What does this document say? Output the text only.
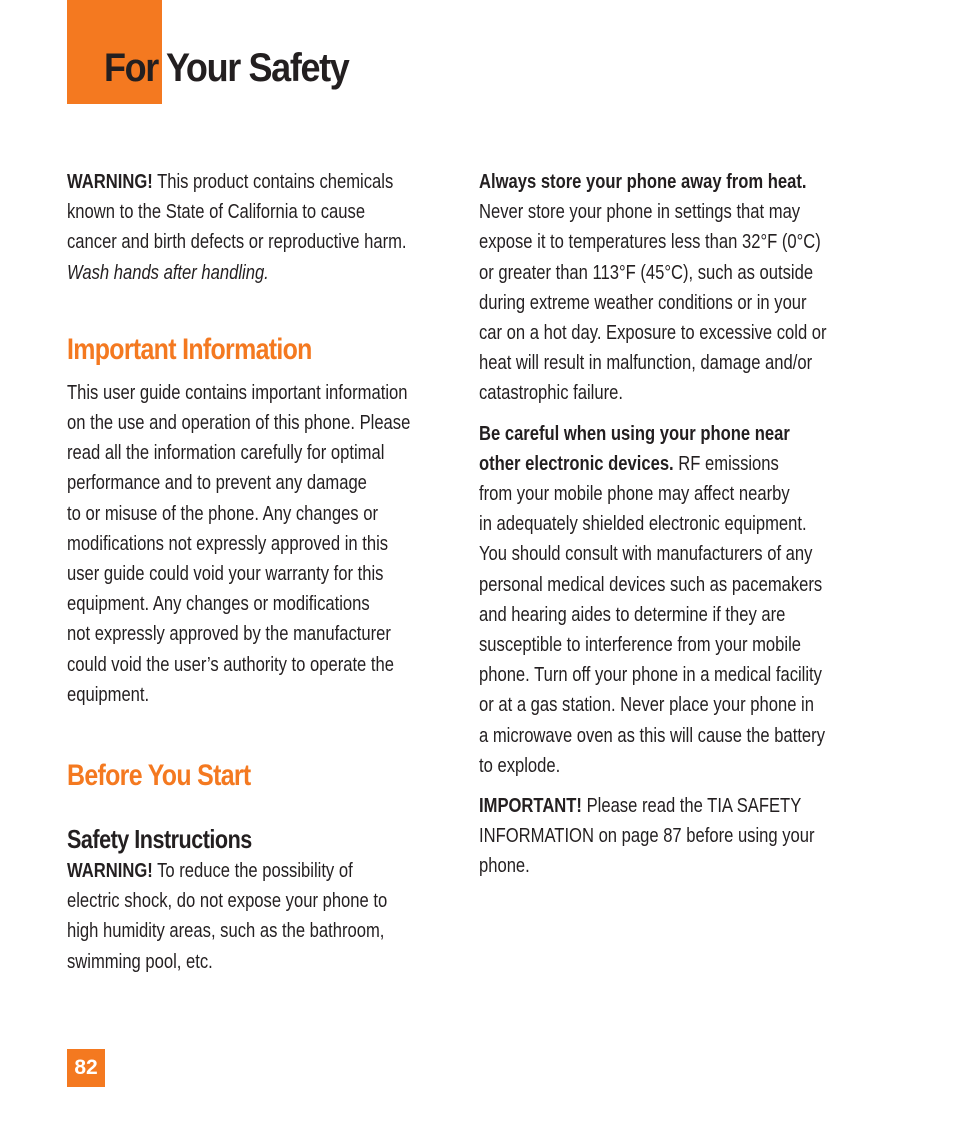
For Your Safety
WARNING! This product contains chemicals
known to the State of California to cause
cancer and birth defects or reproductive harm.
Wash hands after handling.
Important Information
This user guide contains important information
on the use and operation of this phone. Please
read all the information carefully for optimal
performance and to prevent any damage
to or misuse of the phone. Any changes or
modifications not expressly approved in this
user guide could void your warranty for this
equipment. Any changes or modifications
not expressly approved by the manufacturer
could void the user’s authority to operate the
equipment.
Before You Start
Safety Instructions
WARNING! To reduce the possibility of
electric shock, do not expose your phone to
high humidity areas, such as the bathroom,
swimming pool, etc.
Always store your phone away from heat.
Never store your phone in settings that may
expose it to temperatures less than 32°F (0°C)
or greater than 113°F (45°C), such as outside
during extreme weather conditions or in your
car on a hot day. Exposure to excessive cold or
heat will result in malfunction, damage and/or
catastrophic failure.
Be careful when using your phone near
other electronic devices. RF emissions
from your mobile phone may affect nearby
in adequately shielded electronic equipment.
You should consult with manufacturers of any
personal medical devices such as pacemakers
and hearing aides to determine if they are
susceptible to interference from your mobile
phone. Turn off your phone in a medical facility
or at a gas station. Never place your phone in
a microwave oven as this will cause the battery
to explode.
IMPORTANT! Please read the TIA SAFETY
INFORMATION on page 87 before using your
phone.
82
